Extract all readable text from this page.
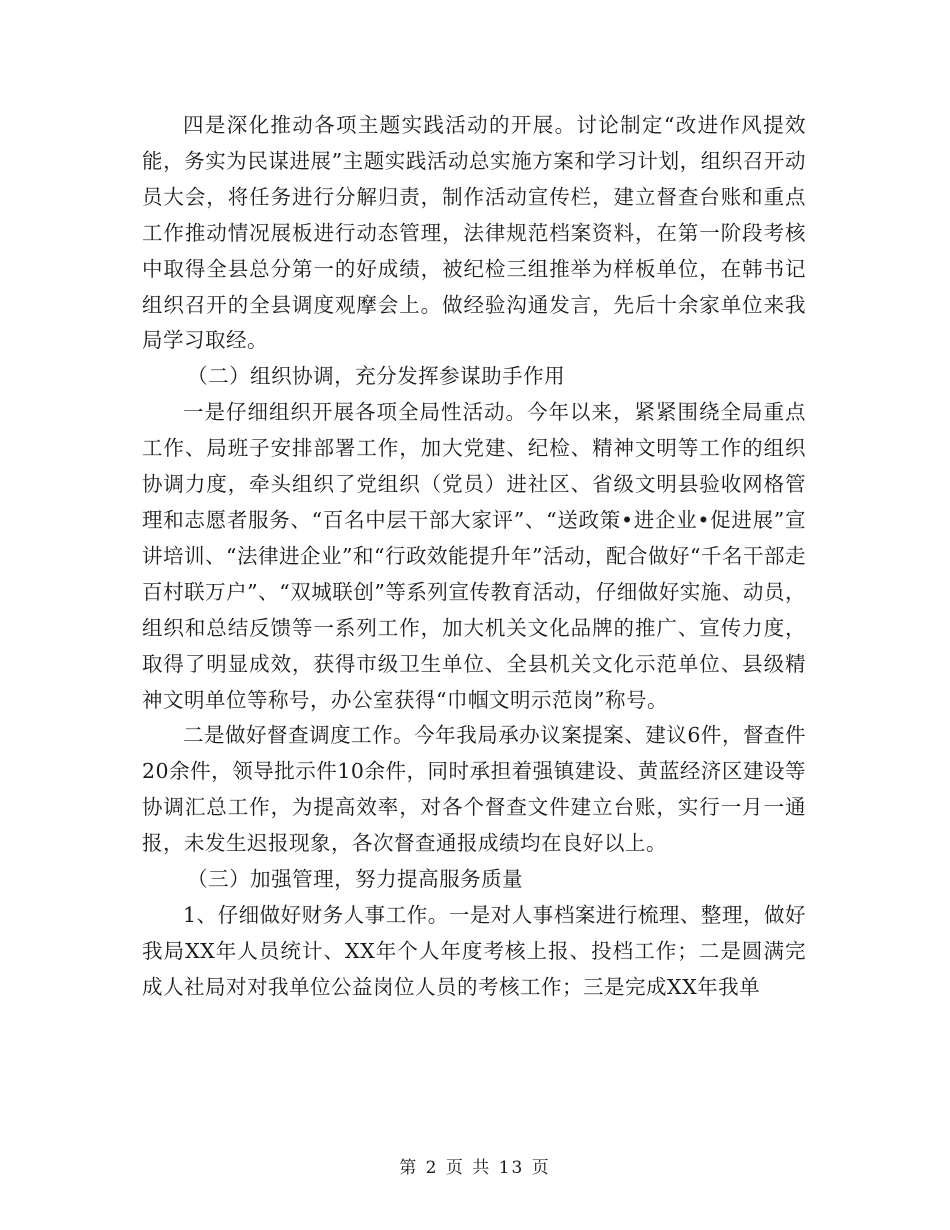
四是深化推动各项主题实践活动的开展。讨论制定“改进作风提效能，务实为民谋进展”主题实践活动总实施方案和学习计划，组织召开动员大会，将任务进行分解归责，制作活动宣传栏，建立督查台账和重点工作推动情况展板进行动态管理，法律规范档案资料，在第一阶段考核中取得全县总分第一的好成绩，被纪检三组推举为样板单位，在韩书记组织召开的全县调度观摩会上。做经验沟通发言，先后十余家单位来我局学习取经。

（二）组织协调，充分发挥参谋助手作用

一是仔细组织开展各项全局性活动。今年以来，紧紧围绕全局重点工作、局班子安排部署工作，加大党建、纪检、精神文明等工作的组织协调力度，牵头组织了党组织（党员）进社区、省级文明县验收网格管理和志愿者服务、“百名中层干部大家评”、“送政策•进企业•促进展”宣讲培训、“法律进企业”和“行政效能提升年”活动，配合做好“千名干部走百村联万户”、“双城联创”等系列宣传教育活动，仔细做好实施、动员，组织和总结反馈等一系列工作，加大机关文化品牌的推广、宣传力度，取得了明显成效，获得市级卫生单位、全县机关文化示范单位、县级精神文明单位等称号，办公室获得“巾帼文明示范岗”称号。

二是做好督查调度工作。今年我局承办议案提案、建议6件，督查件20余件，领导批示件10余件，同时承担着强镇建设、黄蓝经济区建设等协调汇总工作，为提高效率，对各个督查文件建立台账，实行一月一通报，未发生迟报现象，各次督查通报成绩均在良好以上。

（三）加强管理，努力提高服务质量

1、仔细做好财务人事工作。一是对人事档案进行梳理、整理，做好我局XX年人员统计、XX年个人年度考核上报、投档工作；二是圆满完成人社局对对我单位公益岗位人员的考核工作；三是完成XX年我单

第 2 页 共 13 页
